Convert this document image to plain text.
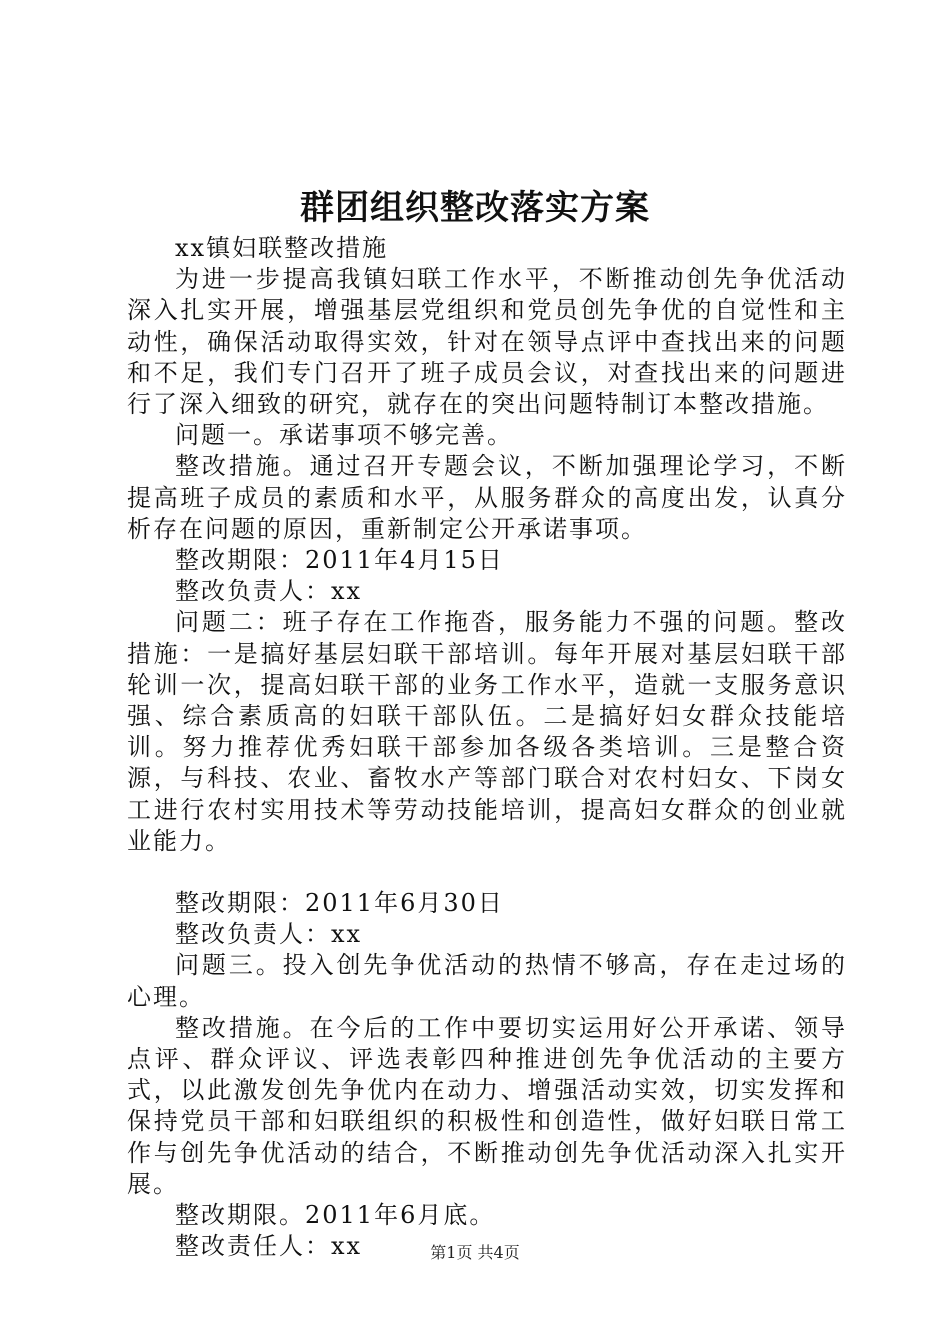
群团组织整改落实方案

xx镇妇联整改措施

为进一步提高我镇妇联工作水平，不断推动创先争优活动深入扎实开展，增强基层党组织和党员创先争优的自觉性和主动性，确保活动取得实效，针对在领导点评中查找出来的问题和不足，我们专门召开了班子成员会议，对查找出来的问题进行了深入细致的研究，就存在的突出问题特制订本整改措施。

问题一。承诺事项不够完善。

整改措施。通过召开专题会议，不断加强理论学习，不断提高班子成员的素质和水平，从服务群众的高度出发，认真分析存在问题的原因，重新制定公开承诺事项。

整改期限：2011年4月15日

整改负责人：xx

问题二：班子存在工作拖沓，服务能力不强的问题。整改措施：一是搞好基层妇联干部培训。每年开展对基层妇联干部轮训一次，提高妇联干部的业务工作水平，造就一支服务意识强、综合素质高的妇联干部队伍。二是搞好妇女群众技能培训。努力推荐优秀妇联干部参加各级各类培训。三是整合资源，与科技、农业、畜牧水产等部门联合对农村妇女、下岗女工进行农村实用技术等劳动技能培训，提高妇女群众的创业就业能力。

整改期限：2011年6月30日

整改负责人：xx

问题三。投入创先争优活动的热情不够高，存在走过场的心理。

整改措施。在今后的工作中要切实运用好公开承诺、领导点评、群众评议、评选表彰四种推进创先争优活动的主要方式，以此激发创先争优内在动力、增强活动实效，切实发挥和保持党员干部和妇联组织的积极性和创造性，做好妇联日常工作与创先争优活动的结合，不断推动创先争优活动深入扎实开展。

整改期限。2011年6月底。

整改责任人：xx	第1页 共4页
